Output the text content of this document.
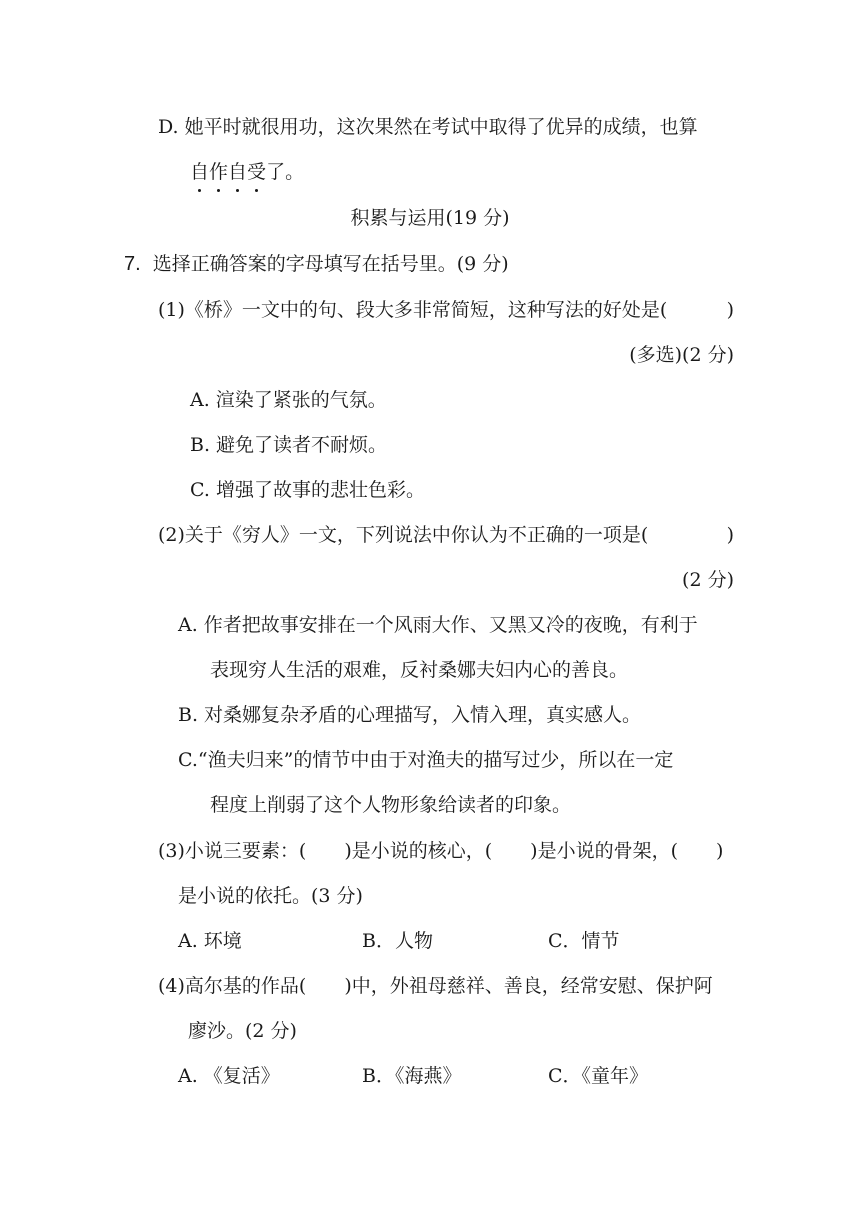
D. 她平时就很用功，这次果然在考试中取得了优异的成绩，也算
自作自受了。
积累与运用(19 分)
7. 选择正确答案的字母填写在括号里。(9 分)
(1)《桥》一文中的句、段大多非常简短，这种写法的好处是(	)
(多选)(2 分)
A. 渲染了紧张的气氛。
B. 避免了读者不耐烦。
C. 增强了故事的悲壮色彩。
(2)关于《穷人》一文，下列说法中你认为不正确的一项是(	)
(2 分)
A. 作者把故事安排在一个风雨大作、又黑又冷的夜晚，有利于
表现穷人生活的艰难，反衬桑娜夫妇内心的善良。
B. 对桑娜复杂矛盾的心理描写，入情入理，真实感人。
C.“渔夫归来”的情节中由于对渔夫的描写过少，所以在一定
程度上削弱了这个人物形象给读者的印象。
(3)小说三要素：(　　)是小说的核心，(　　)是小说的骨架，(　　)
是小说的依托。(3 分)
A. 环境	B．人物	C．情节
(4)高尔基的作品(　　)中，外祖母慈祥、善良，经常安慰、保护阿
廖沙。(2 分)
A. 《复活》	B．《海燕》	C．《童年》
